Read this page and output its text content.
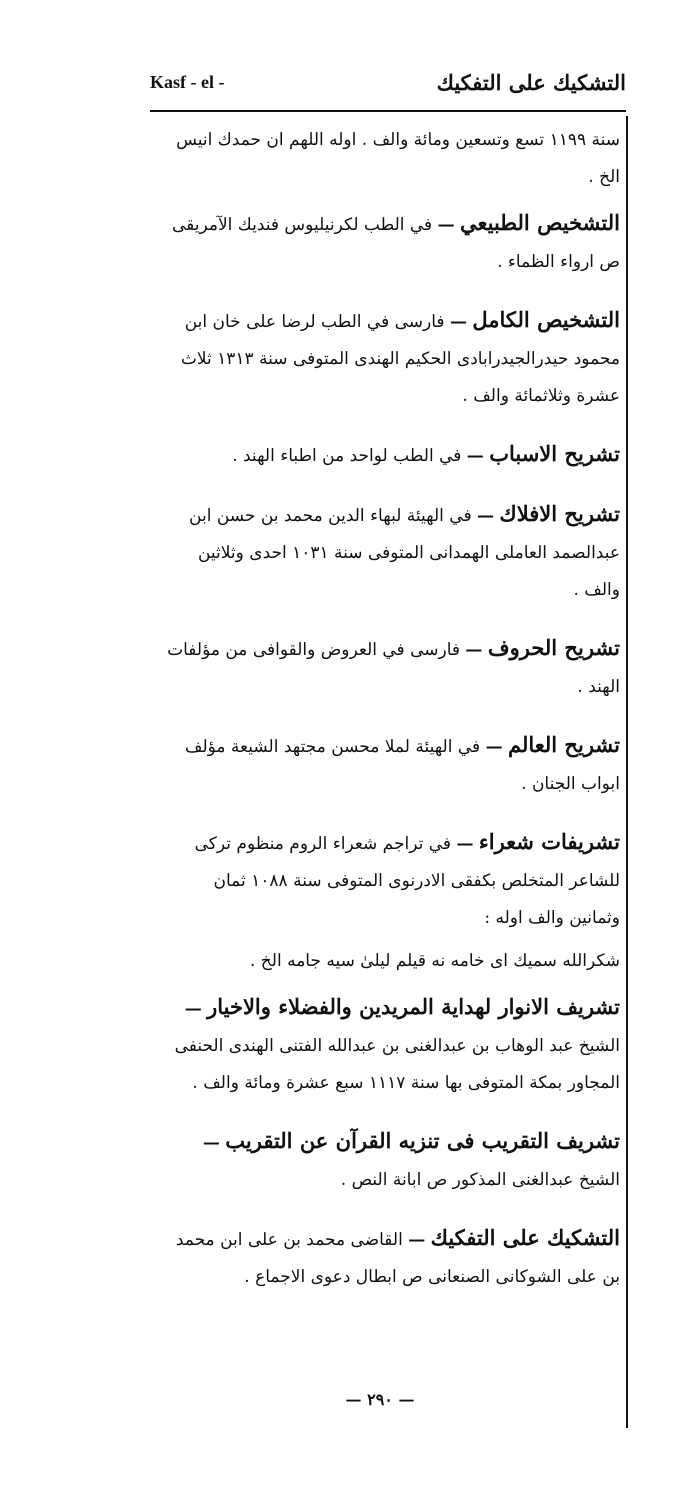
التشكيك على التفكيك
Kasf - el -

سنة ١١٩٩ تسع وتسعين ومائة والف . اوله اللهم ان حمدك انيس الخ .

التشخيص الطبيعي — في الطب لكرنيليوس فنديك الآمريقى ص ارواء الظماء .

التشخيص الكامل — فارسى في الطب لرضا على خان ابن محمود حيدرالجيدرابادى الحكيم الهندى المتوفى سنة ١٣١٣ ثلاث عشرة وثلاثمائة والف .

تشريح الاسباب — في الطب لواحد من اطباء الهند .

تشريح الافلاك — في الهيئة لبهاء الدين محمد بن حسن ابن عبدالصمد العاملى الهمدانى المتوفى سنة ١٠٣١ احدى وثلاثين والف .

تشريح الحروف — فارسى في العروض والقوافى من مؤلفات الهند .

تشريح العالم — في الهيئة لملا محسن مجتهد الشيعة مؤلف ابواب الجنان .

تشريفات شعراء — في تراجم شعراء الروم منظوم تركى للشاعر المتخلص بكفقى الادرنوى المتوفى سنة ١٠٨٨ ثمان وثمانين والف اوله :

شكرالله سميك اى خامه نه قيلم ليلىٰ سيه جامه الخ .

تشريف الانوار لهداية المريدين والفضلاء والاخيار — الشيخ عبد الوهاب بن عبدالغنى بن عبدالله الفتنى الهندى الحنفى المجاور بمكة المتوفى بها سنة ١١١٧ سبع عشرة ومائة والف .

تشريف التقريب فى تنزيه القرآن عن التقريب — الشيخ عبدالغنى المذكور ص ابانة النص .

التشكيك على التفكيك — القاضى محمد بن على ابن محمد بن على الشوكانى الصنعانى ص ابطال دعوى الاجماع .

— ٢٩٠ —
